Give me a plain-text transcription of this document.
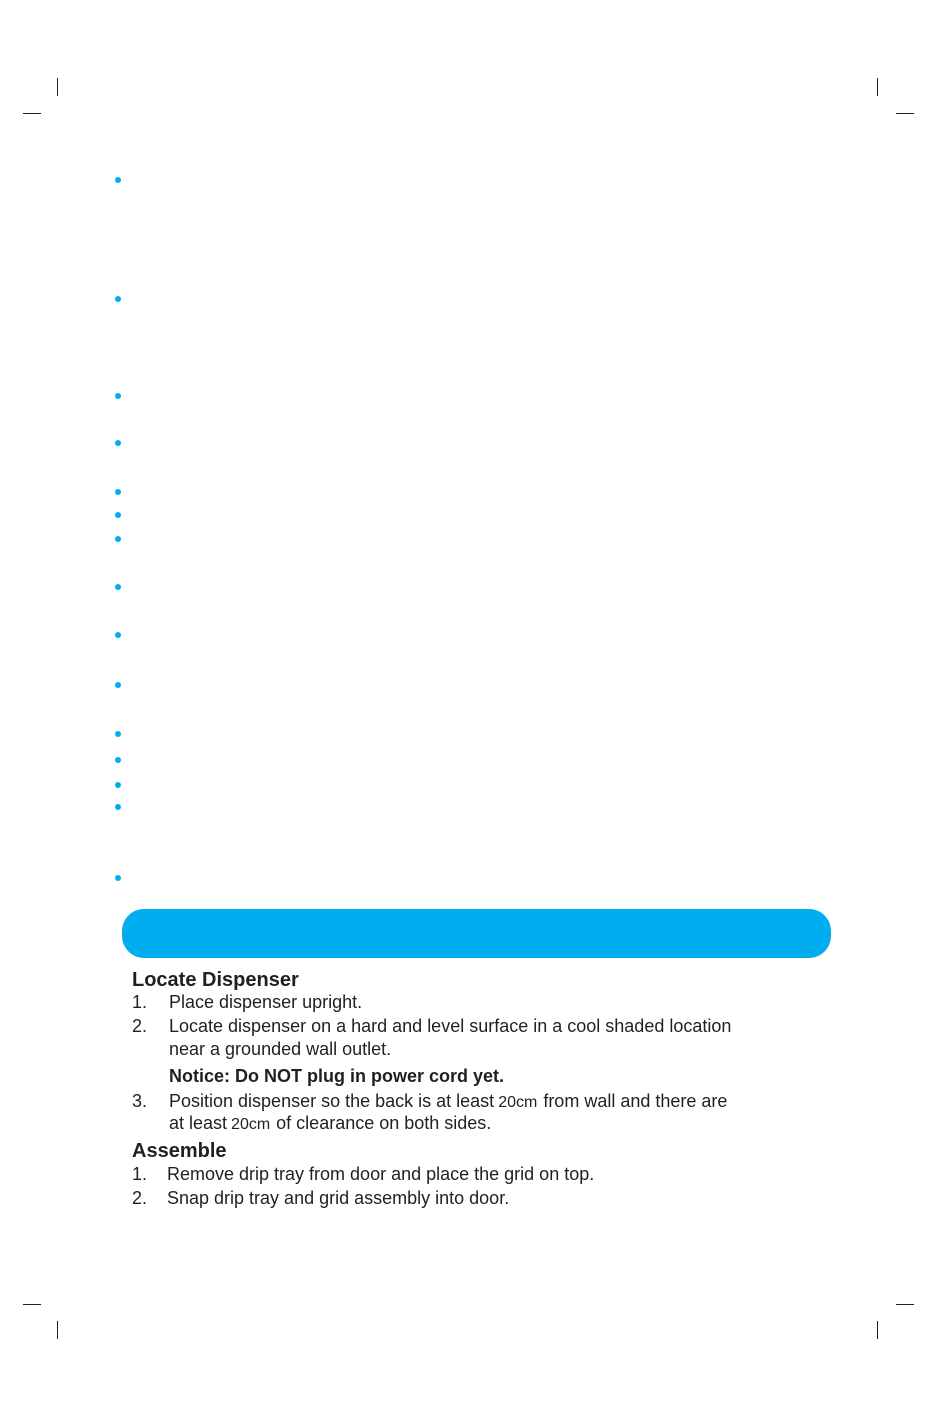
Locate Dispenser
1. Place dispenser upright.
2. Locate dispenser on a hard and level surface in a cool shaded location
near a grounded wall outlet.
Notice: Do NOT plug in power cord yet.
3. Position dispenser so the back is at least 20cm from wall and there are
at least 20cm of clearance on both sides.
Assemble
1. Remove drip tray from door and place the grid on top.
2. Snap drip tray and grid assembly into door.
